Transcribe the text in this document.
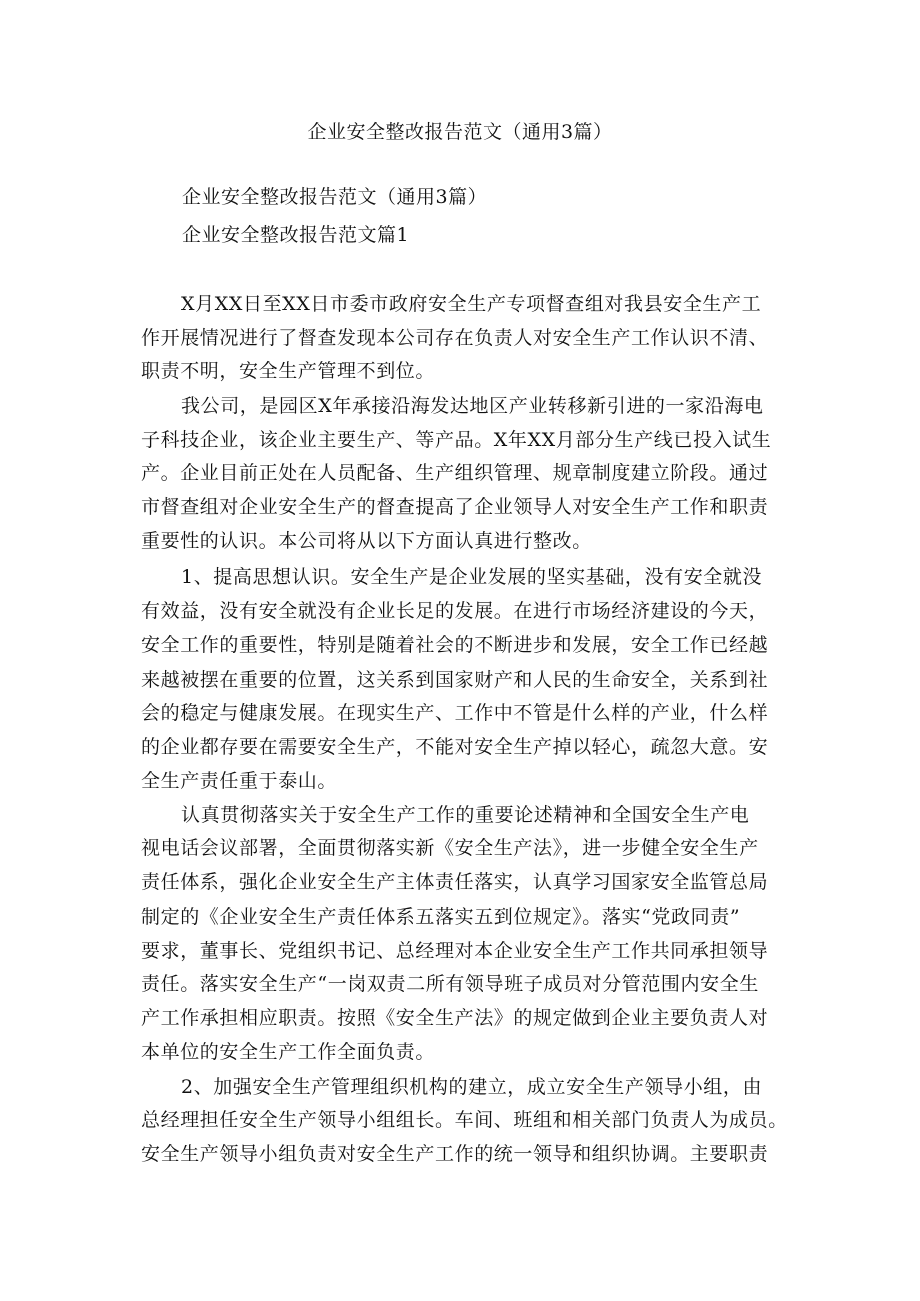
企业安全整改报告范文（通用3篇）
企业安全整改报告范文（通用3篇）
企业安全整改报告范文篇1
X月XX日至XX日市委市政府安全生产专项督查组对我县安全生产工
作开展情况进行了督查发现本公司存在负责人对安全生产工作认识不清、
职责不明，安全生产管理不到位。
我公司，是园区X年承接沿海发达地区产业转移新引进的一家沿海电
子科技企业，该企业主要生产、等产品。X年XX月部分生产线已投入试生
产。企业目前正处在人员配备、生产组织管理、规章制度建立阶段。通过
市督查组对企业安全生产的督查提高了企业领导人对安全生产工作和职责
重要性的认识。本公司将从以下方面认真进行整改。
1、提高思想认识。安全生产是企业发展的坚实基础，没有安全就没
有效益，没有安全就没有企业长足的发展。在进行市场经济建设的今天，
安全工作的重要性，特别是随着社会的不断进步和发展，安全工作已经越
来越被摆在重要的位置，这关系到国家财产和人民的生命安全，关系到社
会的稳定与健康发展。在现实生产、工作中不管是什么样的产业，什么样
的企业都存要在需要安全生产，不能对安全生产掉以轻心，疏忽大意。安
全生产责任重于泰山。
认真贯彻落实关于安全生产工作的重要论述精神和全国安全生产电
视电话会议部署，全面贯彻落实新《安全生产法》，进一步健全安全生产
责任体系，强化企业安全生产主体责任落实，认真学习国家安全监管总局
制定的《企业安全生产责任体系五落实五到位规定》。落实“党政同责”
要求，董事长、党组织书记、总经理对本企业安全生产工作共同承担领导
责任。落实安全生产“一岗双责二所有领导班子成员对分管范围内安全生
产工作承担相应职责。按照《安全生产法》的规定做到企业主要负责人对
本单位的安全生产工作全面负责。
2、加强安全生产管理组织机构的建立，成立安全生产领导小组，由
总经理担任安全生产领导小组组长。车间、班组和相关部门负责人为成员。
安全生产领导小组负责对安全生产工作的统一领导和组织协调。主要职责
